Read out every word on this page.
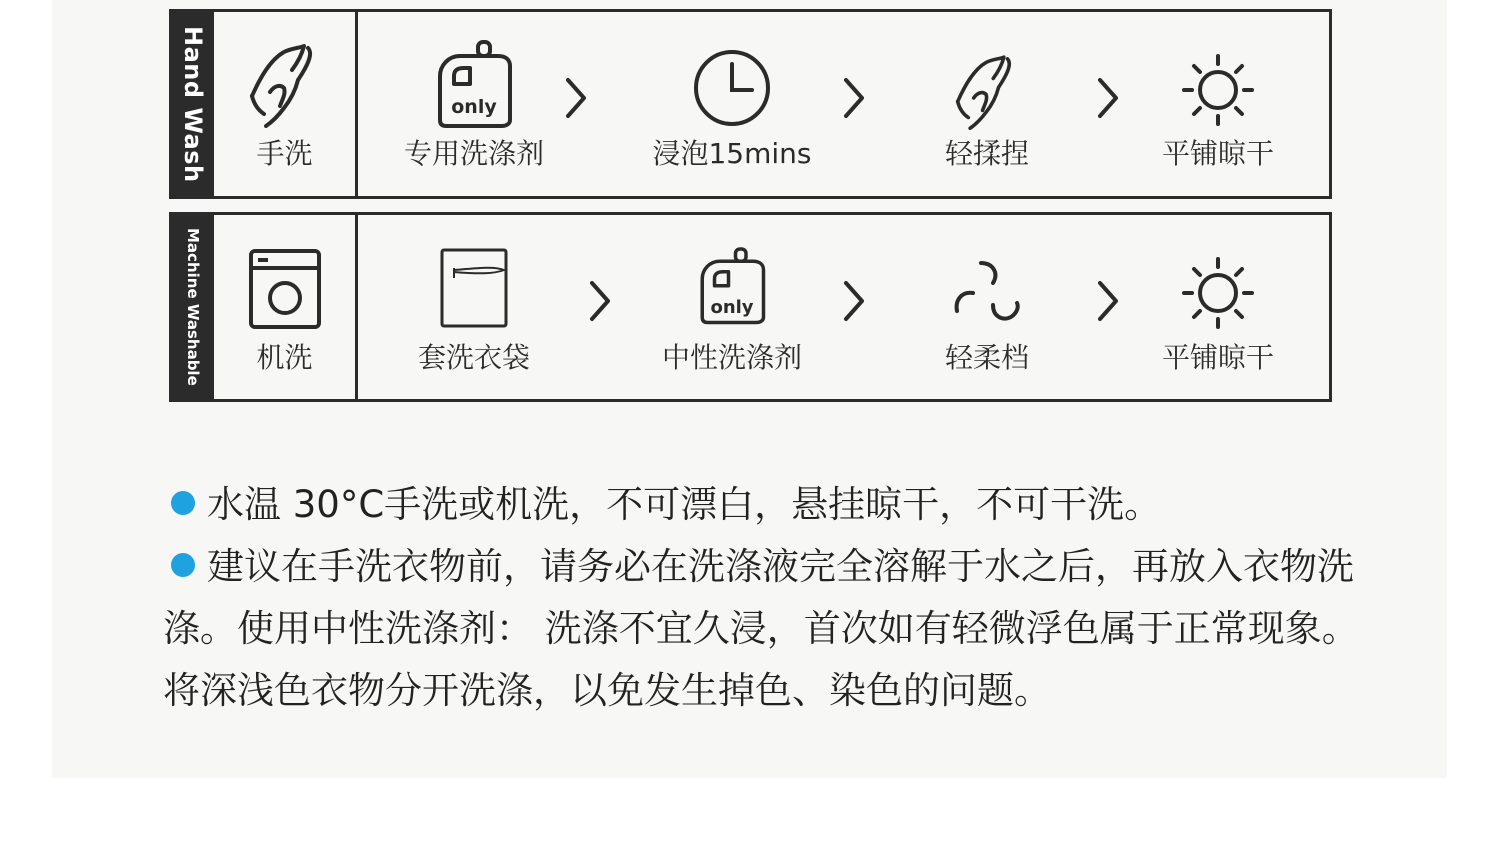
Hand Wash	手洗
only
专用洗涤剂	浸泡15mins	轻揉捏	平铺晾干
Machine Washable	机洗	套洗衣袋
only
中性洗涤剂	轻柔档	平铺晾干

水温 30°C手洗或机洗，不可漂白，悬挂晾干，不可干洗。

建议在手洗衣物前，请务必在洗涤液完全溶解于水之后，再放入衣物洗涤。使用中性洗涤剂： 洗涤不宜久浸，首次如有轻微浮色属于正常现象。将深浅色衣物分开洗涤，以免发生掉色、染色的问题。
